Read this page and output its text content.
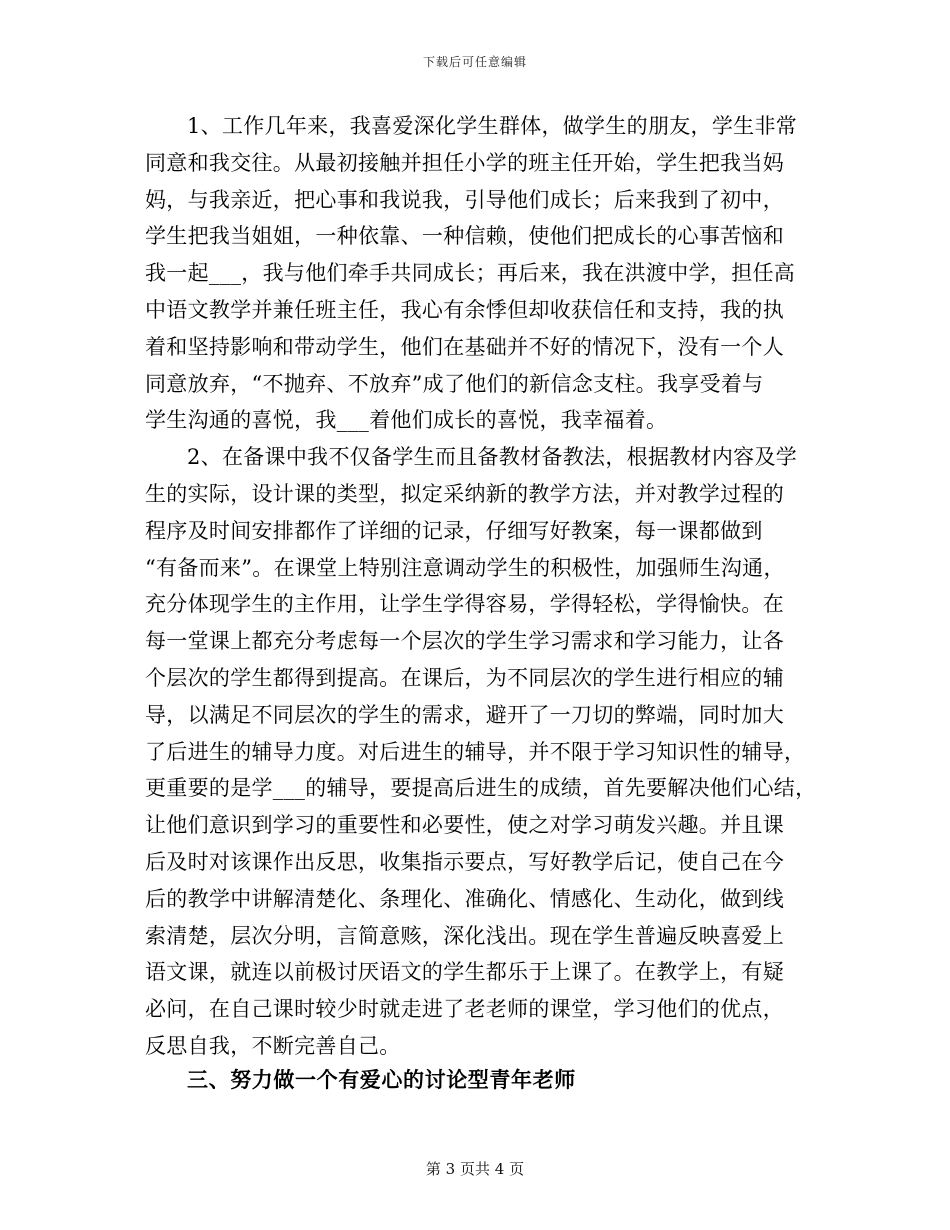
下载后可任意编辑
1、工作几年来，我喜爱深化学生群体，做学生的朋友，学生非常
同意和我交往。从最初接触并担任小学的班主任开始，学生把我当妈
妈，与我亲近，把心事和我说我，引导他们成长；后来我到了初中，
学生把我当姐姐，一种依靠、一种信赖，使他们把成长的心事苦恼和
我一起___，我与他们牵手共同成长；再后来，我在洪渡中学，担任高
中语文教学并兼任班主任，我心有余悸但却收获信任和支持，我的执
着和坚持影响和带动学生，他们在基础并不好的情况下，没有一个人
同意放弃，“不抛弃、不放弃”成了他们的新信念支柱。我享受着与
学生沟通的喜悦，我___着他们成长的喜悦，我幸福着。
2、在备课中我不仅备学生而且备教材备教法，根据教材内容及学
生的实际，设计课的类型，拟定采纳新的教学方法，并对教学过程的
程序及时间安排都作了详细的记录，仔细写好教案，每一课都做到
“有备而来”。在课堂上特别注意调动学生的积极性，加强师生沟通，
充分体现学生的主作用，让学生学得容易，学得轻松，学得愉快。在
每一堂课上都充分考虑每一个层次的学生学习需求和学习能力，让各
个层次的学生都得到提高。在课后，为不同层次的学生进行相应的辅
导，以满足不同层次的学生的需求，避开了一刀切的弊端，同时加大
了后进生的辅导力度。对后进生的辅导，并不限于学习知识性的辅导，
更重要的是学___的辅导，要提高后进生的成绩，首先要解决他们心结，
让他们意识到学习的重要性和必要性，使之对学习萌发兴趣。并且课
后及时对该课作出反思，收集指示要点，写好教学后记，使自己在今
后的教学中讲解清楚化、条理化、准确化、情感化、生动化，做到线
索清楚，层次分明，言简意赅，深化浅出。现在学生普遍反映喜爱上
语文课，就连以前极讨厌语文的学生都乐于上课了。在教学上，有疑
必问，在自己课时较少时就走进了老老师的课堂，学习他们的优点，
反思自我，不断完善自己。
三、努力做一个有爱心的讨论型青年老师
第 3 页共 4 页
